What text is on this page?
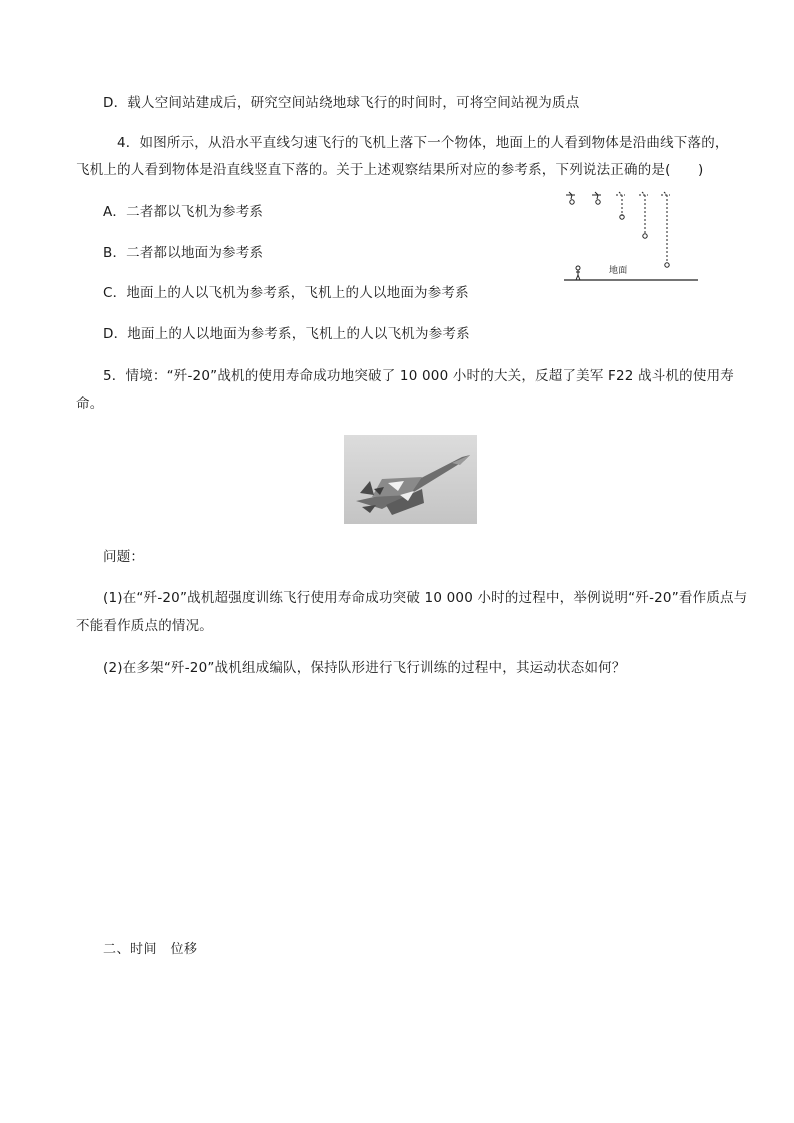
D．载人空间站建成后，研究空间站绕地球飞行的时间时，可将空间站视为质点
4．如图所示，从沿水平直线匀速飞行的飞机上落下一个物体，地面上的人看到物体是沿曲线下落的，
飞机上的人看到物体是沿直线竖直下落的。关于上述观察结果所对应的参考系，下列说法正确的是(　　)
A．二者都以飞机为参考系
B．二者都以地面为参考系
C．地面上的人以飞机为参考系，飞机上的人以地面为参考系
D．地面上的人以地面为参考系，飞机上的人以飞机为参考系
地面
5．情境：“歼-20”战机的使用寿命成功地突破了 10 000 小时的大关，反超了美军 F22 战斗机的使用寿
命。
问题：
(1)在“歼-20”战机超强度训练飞行使用寿命成功突破 10 000 小时的过程中，举例说明“歼-20”看作质点与
不能看作质点的情况。
(2)在多架“歼-20”战机组成编队，保持队形进行飞行训练的过程中，其运动状态如何？
二、时间　位移
